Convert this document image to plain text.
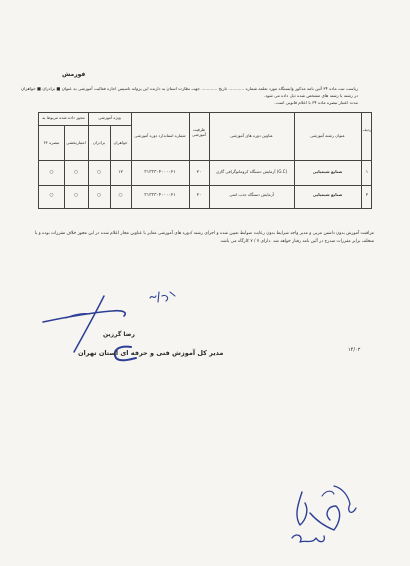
فورمش
ریاست ثبت ماده ۳۴ آئین نامه مذکور وابستگاه مورد تعلمه شماره ............ تاریخ ............ جهت نظارت استان به دارنده این پروانه تاسیس اجازه فعالیت آموزشی به عنوان ■ برادران ■ خواهران
در رشته یا رشته های مشخص شده ذیل داده می شود.
مدت اعتبار تبصره ماده ۳۴ با اعلام قانونی است.
مجوز داده شده مربوط به	ویژه آموزشی
تبصره ۳۴	اعتباربخشی	برادران	خواهران
شماره استاندارد دوره آموزشی
ظرفیت آموزشی	عناوین دوره های آموزشی	عنوان رشته آموزشی
ردیف
○	○	○	۱۲	۳۱۳۳۳۰۴۰۰۰۰۲۱	۲۰	آزمایش دستگاه کروماتوگرافی گازی (G.C)	صنایع شیمیایی	۱
○	○	○	○	۳۱۳۳۳۰۴۰۰۰۰۲۱	۲۰	آزمایش دستگاه جذب اتمی	صنایع شیمیایی	۲
مراقبت آموزش بدون داشتن مربی و مدیر واجد شرایط بدون رعایت ضوابط تعیین شده و اجرای رشته /دوره های آموزشی مغایر با عناوین مجاز اعلام شده در این مجوز خلاف مقررات بوده و با
متخلف برابر مقررات مندرج در آئین نامه رفتار خواهد شد .دارای ۷ / ۷ کارگاه می باشد.
رضا گرزین
مدیر کل آموزش فنی و حرفه ای استان تهران	۱۴/۰۲
